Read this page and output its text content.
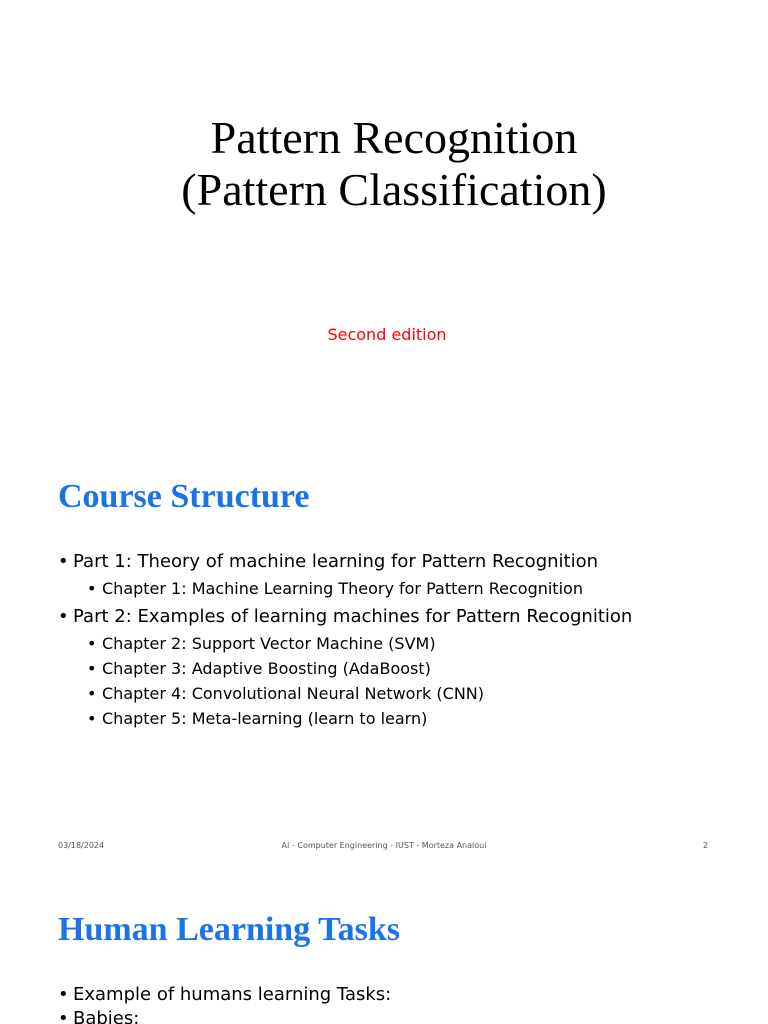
Pattern Recognition
(Pattern Classification)
Second edition
Course Structure
• Part 1: Theory of machine learning for Pattern Recognition
• Chapter 1: Machine Learning Theory for Pattern Recognition
• Part 2: Examples of learning machines for Pattern Recognition
• Chapter 2: Support Vector Machine (SVM)
• Chapter 3: Adaptive Boosting (AdaBoost)
• Chapter 4: Convolutional Neural Network (CNN)
• Chapter 5: Meta-learning (learn to learn)
03/18/2024	AI - Computer Engineering - IUST - Morteza Analoui	2
Human Learning Tasks
• Example of humans learning Tasks:
• Babies:
